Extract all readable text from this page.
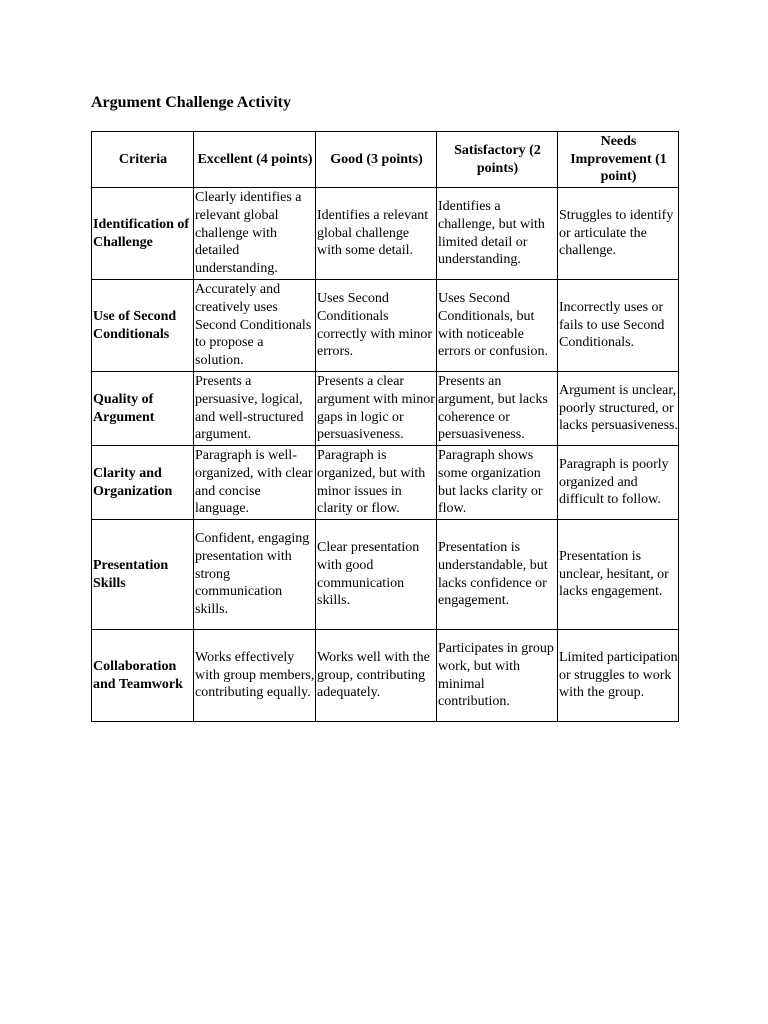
Argument Challenge Activity
Criteria	Excellent (4 points)	Good (3 points)	Satisfactory (2 points)	Needs Improvement (1 point)
Identification of Challenge	Clearly identifies a relevant global challenge with detailed understanding.	Identifies a relevant global challenge with some detail.	Identifies a challenge, but with limited detail or understanding.	Struggles to identify or articulate the challenge.
Use of Second Conditionals	Accurately and creatively uses Second Conditionals to propose a solution.	Uses Second Conditionals correctly with minor errors.	Uses Second Conditionals, but with noticeable errors or confusion.	Incorrectly uses or fails to use Second Conditionals.
Quality of Argument	Presents a persuasive, logical, and well-structured argument.	Presents a clear argument with minor gaps in logic or persuasiveness.	Presents an argument, but lacks coherence or persuasiveness.	Argument is unclear, poorly structured, or lacks persuasiveness.
Clarity and Organization	Paragraph is well-organized, with clear and concise language.	Paragraph is organized, but with minor issues in clarity or flow.	Paragraph shows some organization but lacks clarity or flow.	Paragraph is poorly organized and difficult to follow.
Presentation Skills	Confident, engaging presentation with strong communication skills.	Clear presentation with good communication skills.	Presentation is understandable, but lacks confidence or engagement.	Presentation is unclear, hesitant, or lacks engagement.
Collaboration and Teamwork	Works effectively with group members, contributing equally.	Works well with the group, contributing adequately.	Participates in group work, but with minimal contribution.	Limited participation or struggles to work with the group.
